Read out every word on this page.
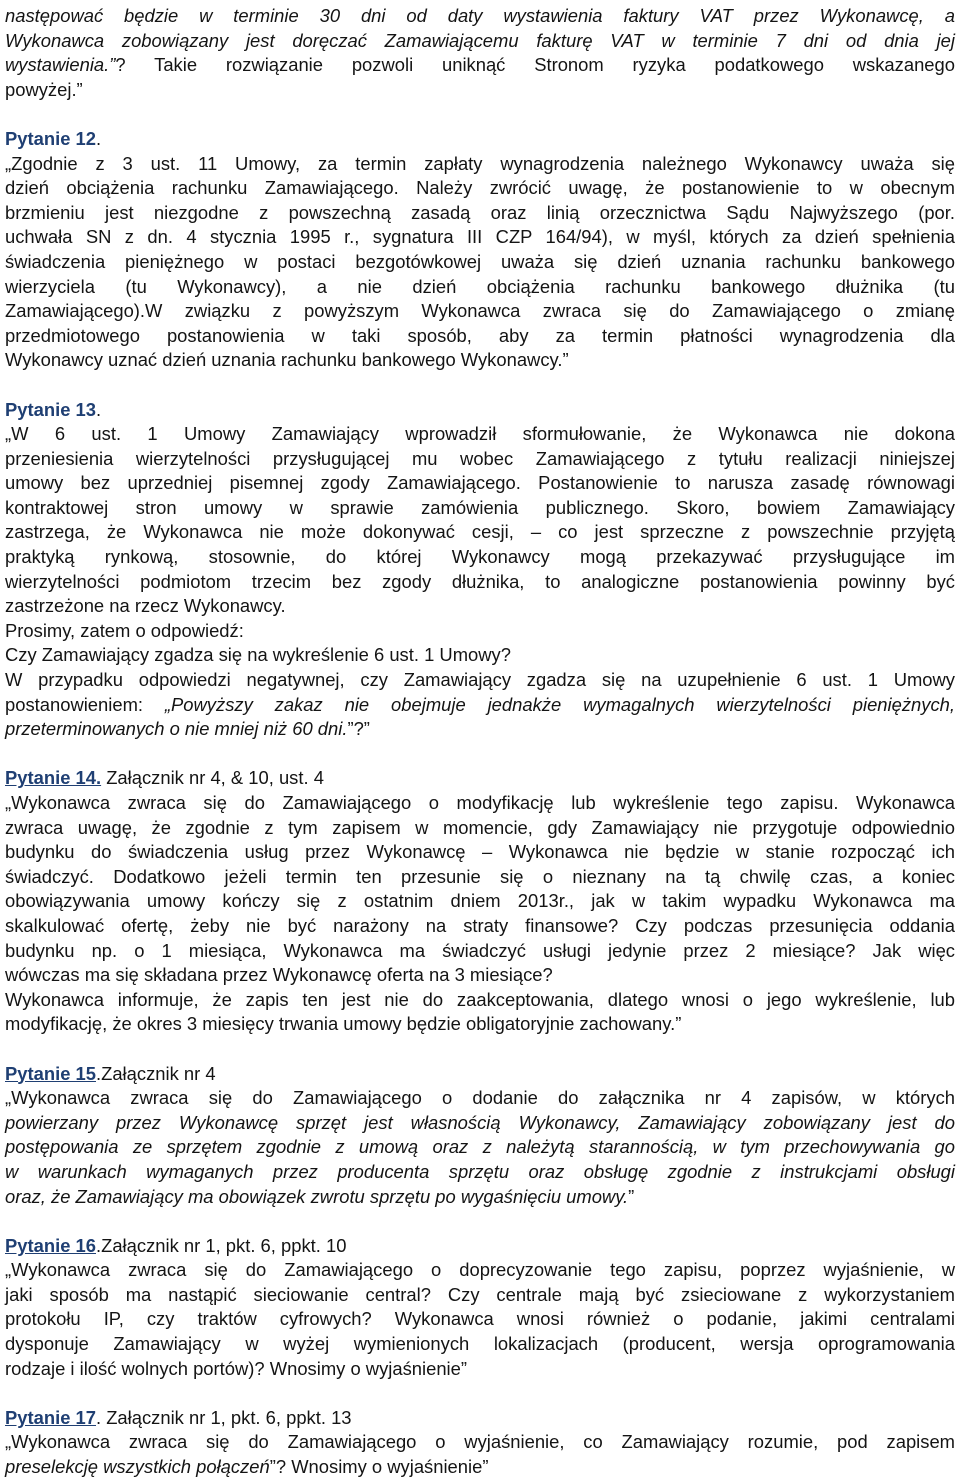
następować będzie w terminie 30 dni od daty wystawienia faktury VAT przez Wykonawcę, a

Wykonawca zobowiązany jest doręczać Zamawiającemu fakturę VAT w terminie 7 dni od dnia jej

wystawienia.”? Takie rozwiązanie pozwoli uniknąć Stronom ryzyka podatkowego wskazanego

powyżej.”

Pytanie 12.

„Zgodnie z 3 ust. 11 Umowy, za termin zapłaty wynagrodzenia należnego Wykonawcy uważa się

dzień obciążenia rachunku Zamawiającego. Należy zwrócić uwagę, że postanowienie to w obecnym

brzmieniu jest niezgodne z powszechną zasadą oraz linią orzecznictwa Sądu Najwyższego (por.

uchwała SN z dn. 4 stycznia 1995 r., sygnatura III CZP 164/94), w myśl, których za dzień spełnienia

świadczenia pieniężnego w postaci bezgotówkowej uważa się dzień uznania rachunku bankowego

wierzyciela (tu Wykonawcy), a nie dzień obciążenia rachunku bankowego dłużnika (tu

Zamawiającego).W związku z powyższym Wykonawca zwraca się do Zamawiającego o zmianę

przedmiotowego postanowienia w taki sposób, aby za termin płatności wynagrodzenia dla

Wykonawcy uznać dzień uznania rachunku bankowego Wykonawcy.”

Pytanie 13.

„W 6 ust. 1 Umowy Zamawiający wprowadził sformułowanie, że Wykonawca nie dokona

przeniesienia wierzytelności przysługującej mu wobec Zamawiającego z tytułu realizacji niniejszej

umowy bez uprzedniej pisemnej zgody Zamawiającego. Postanowienie to narusza zasadę równowagi

kontraktowej stron umowy w sprawie zamówienia publicznego. Skoro, bowiem Zamawiający

zastrzega, że Wykonawca nie może dokonywać cesji, – co jest sprzeczne z powszechnie przyjętą

praktyką rynkową, stosownie, do której Wykonawcy mogą przekazywać przysługujące im

wierzytelności podmiotom trzecim bez zgody dłużnika, to analogiczne postanowienia powinny być

zastrzeżone na rzecz Wykonawcy.

Prosimy, zatem o odpowiedź:

Czy Zamawiający zgadza się na wykreślenie 6 ust. 1 Umowy?

W przypadku odpowiedzi negatywnej, czy Zamawiający zgadza się na uzupełnienie 6 ust. 1 Umowy

postanowieniem: „Powyższy zakaz nie obejmuje jednakże wymagalnych wierzytelności pieniężnych,

przeterminowanych o nie mniej niż 60 dni.”?”

Pytanie 14. Załącznik nr 4, & 10, ust. 4

„Wykonawca zwraca się do Zamawiającego o modyfikację lub wykreślenie tego zapisu. Wykonawca

zwraca uwagę, że zgodnie z tym zapisem w momencie, gdy Zamawiający nie przygotuje odpowiednio

budynku do świadczenia usług przez Wykonawcę – Wykonawca nie będzie w stanie rozpocząć ich

świadczyć. Dodatkowo jeżeli termin ten przesunie się o nieznany na tą chwilę czas, a koniec

obowiązywania umowy kończy się z ostatnim dniem 2013r., jak w takim wypadku Wykonawca ma

skalkulować ofertę, żeby nie być narażony na straty finansowe? Czy podczas przesunięcia oddania

budynku np. o 1 miesiąca, Wykonawca ma świadczyć usługi jedynie przez 2 miesiące? Jak więc

wówczas ma się składana przez Wykonawcę oferta na 3 miesiące?

Wykonawca informuje, że zapis ten jest nie do zaakceptowania, dlatego wnosi o jego wykreślenie, lub

modyfikację, że okres 3 miesięcy trwania umowy będzie obligatoryjnie zachowany.”

Pytanie 15.Załącznik nr 4

„Wykonawca zwraca się do Zamawiającego o dodanie do załącznika nr 4 zapisów, w których

powierzany przez Wykonawcę sprzęt jest własnością Wykonawcy, Zamawiający zobowiązany jest do

postępowania ze sprzętem zgodnie z umową oraz z należytą starannością, w tym przechowywania go

w warunkach wymaganych przez producenta sprzętu oraz obsługę zgodnie z instrukcjami obsługi

oraz, że Zamawiający ma obowiązek zwrotu sprzętu po wygaśnięciu umowy.”

Pytanie 16.Załącznik nr 1, pkt. 6, ppkt. 10

„Wykonawca zwraca się do Zamawiającego o doprecyzowanie tego zapisu, poprzez wyjaśnienie, w

jaki sposób ma nastąpić sieciowanie central? Czy centrale mają być zsieciowane z wykorzystaniem

protokołu IP, czy traktów cyfrowych? Wykonawca wnosi również o podanie, jakimi centralami

dysponuje Zamawiający w wyżej wymienionych lokalizacjach (producent, wersja oprogramowania

rodzaje i ilość wolnych portów)? Wnosimy o wyjaśnienie”

Pytanie 17. Załącznik nr 1, pkt. 6, ppkt. 13

„Wykonawca zwraca się do Zamawiającego o wyjaśnienie, co Zamawiający rozumie, pod zapisem

preselekcję wszystkich połączeń”? Wnosimy o wyjaśnienie”
